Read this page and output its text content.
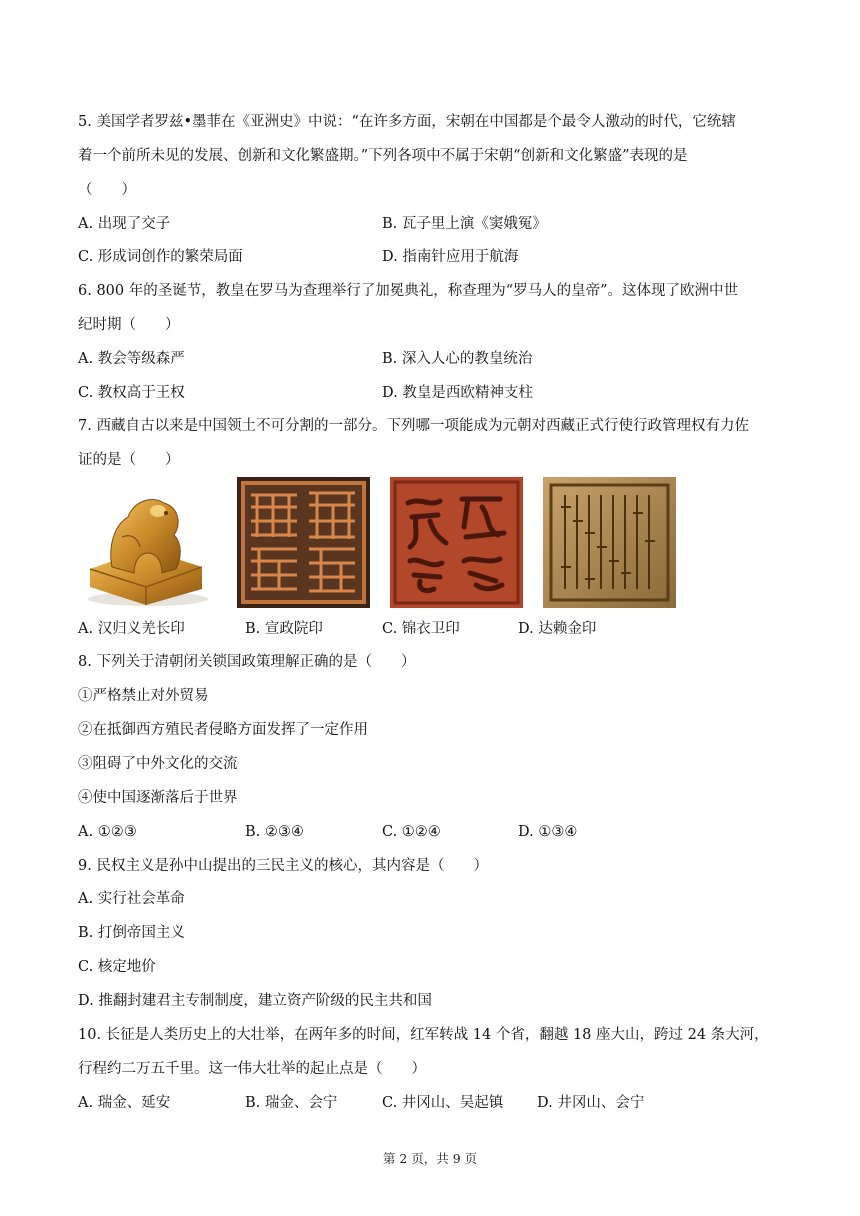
5. 美国学者罗兹•墨菲在《亚洲史》中说：“在许多方面，宋朝在中国都是个最令人激动的时代，它统辖
着一个前所未见的发展、创新和文化繁盛期。”下列各项中不属于宋朝“创新和文化繁盛”表现的是
（　　）
A. 出现了交子	B. 瓦子里上演《窦娥冤》
C. 形成词创作的繁荣局面	D. 指南针应用于航海
6. 800 年的圣诞节，教皇在罗马为查理举行了加冕典礼，称查理为“罗马人的皇帝”。这体现了欧洲中世
纪时期（　　）
A. 教会等级森严	B. 深入人心的教皇统治
C. 教权高于王权	D. 教皇是西欧精神支柱
7. 西藏自古以来是中国领土不可分割的一部分。下列哪一项能成为元朝对西藏正式行使行政管理权有力佐
证的是（　　）
A. 汉归义羌长印	B. 宣政院印	C. 锦衣卫印	D. 达赖金印
8. 下列关于清朝闭关锁国政策理解正确的是（　　）
①严格禁止对外贸易
②在抵御西方殖民者侵略方面发挥了一定作用
③阻碍了中外文化的交流
④使中国逐渐落后于世界
A. ①②③	B. ②③④	C. ①②④	D. ①③④
9. 民权主义是孙中山提出的三民主义的核心，其内容是（　　）
A. 实行社会革命
B. 打倒帝国主义
C. 核定地价
D. 推翻封建君主专制制度，建立资产阶级的民主共和国
10. 长征是人类历史上的大壮举，在两年多的时间，红军转战 14 个省，翻越 18 座大山，跨过 24 条大河，
行程约二万五千里。这一伟大壮举的起止点是（　　）
A. 瑞金、延安	B. 瑞金、会宁	C. 井冈山、吴起镇 D. 井冈山、会宁
第 2 页，共 9 页
